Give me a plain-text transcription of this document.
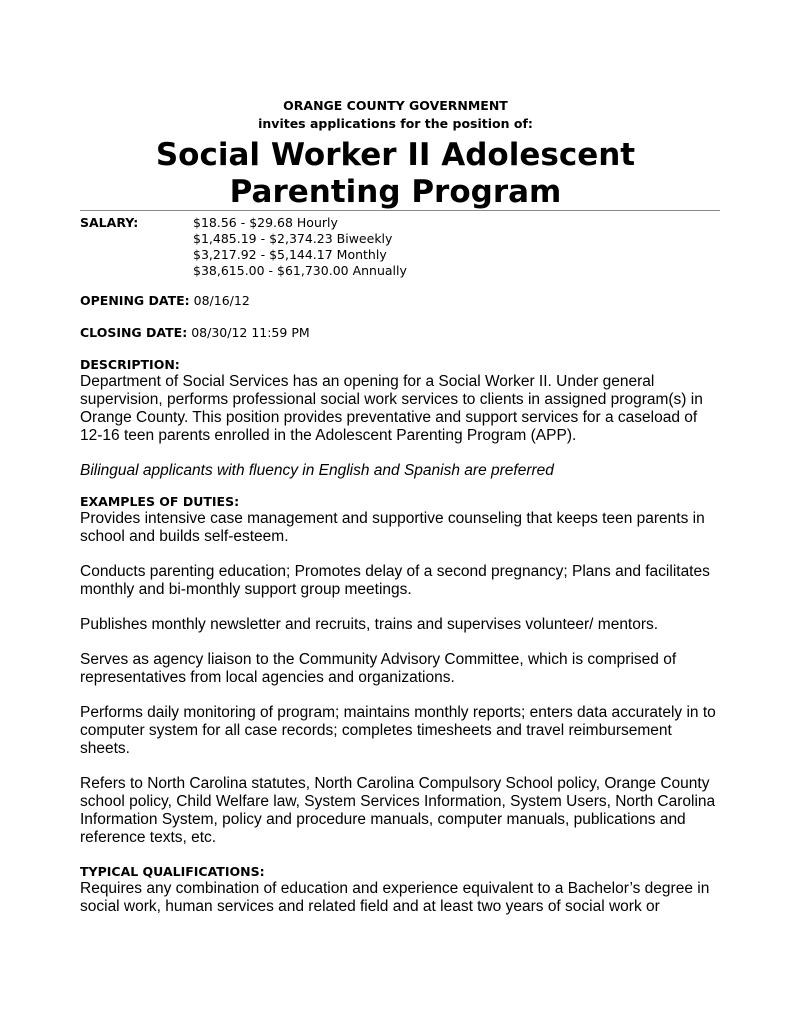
ORANGE COUNTY GOVERNMENT
invites applications for the position of:
Social Worker II Adolescent
Parenting Program
SALARY:	$18.56 - $29.68 Hourly
$1,485.19 - $2,374.23 Biweekly
$3,217.92 - $5,144.17 Monthly
$38,615.00 - $61,730.00 Annually
OPENING DATE: 08/16/12
CLOSING DATE: 08/30/12 11:59 PM
DESCRIPTION:

Department of Social Services has an opening for a Social Worker II. Under general supervision, performs professional social work services to clients in assigned program(s) in Orange County. This position provides preventative and support services for a caseload of 12-16 teen parents enrolled in the Adolescent Parenting Program (APP).

Bilingual applicants with fluency in English and Spanish are preferred

EXAMPLES OF DUTIES:

Provides intensive case management and supportive counseling that keeps teen parents in school and builds self-esteem.

Conducts parenting education; Promotes delay of a second pregnancy; Plans and facilitates monthly and bi-monthly support group meetings.

Publishes monthly newsletter and recruits, trains and supervises volunteer/ mentors.

Serves as agency liaison to the Community Advisory Committee, which is comprised of representatives from local agencies and organizations.

Performs daily monitoring of program; maintains monthly reports; enters data accurately in to computer system for all case records; completes timesheets and travel reimbursement sheets.

Refers to North Carolina statutes, North Carolina Compulsory School policy, Orange County school policy, Child Welfare law, System Services Information, System Users, North Carolina Information System, policy and procedure manuals, computer manuals, publications and reference texts, etc.

TYPICAL QUALIFICATIONS:

Requires any combination of education and experience equivalent to a Bachelor’s degree in social work, human services and related field and at least two years of social work or
